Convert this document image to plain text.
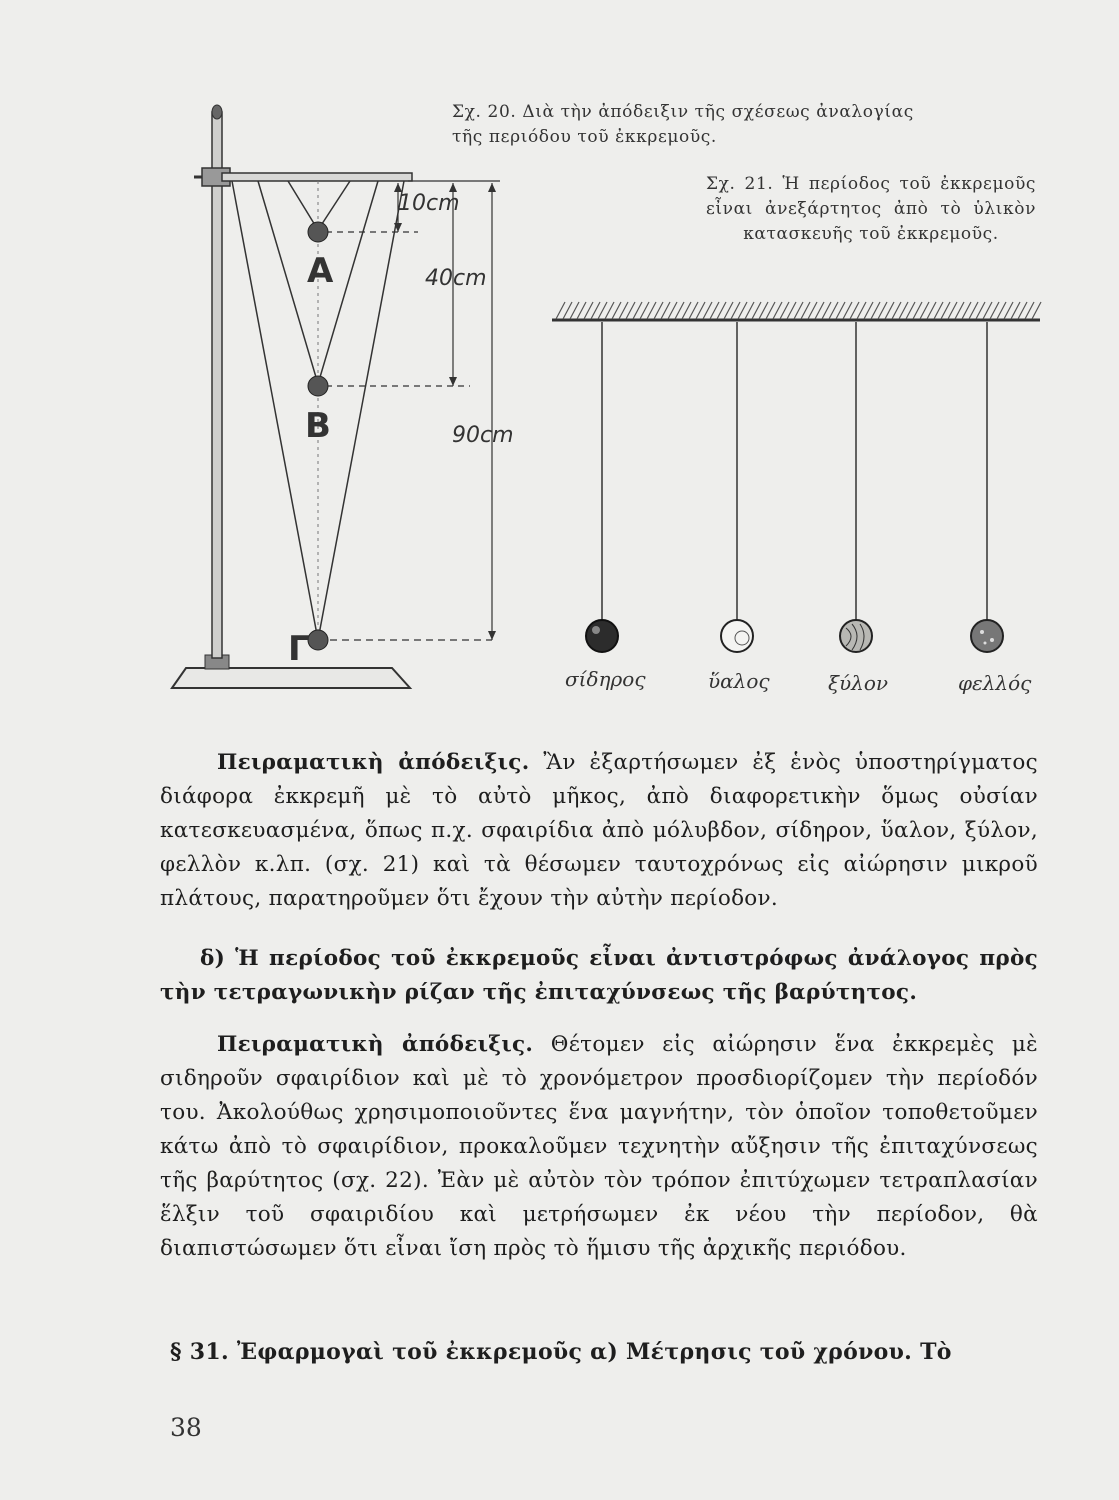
10cm
40cm
90cm
A
B
Γ
σίδηρος	ὕαλος	ξύλον	φελλός
Σχ. 20. Διὰ τὴν ἀπόδειξιν τῆς σχέσεως ἀναλογίας τῆς περιόδου τοῦ ἐκκρεμοῦς.
Σχ. 21. Ἡ περίοδος τοῦ ἐκκρεμοῦς εἶναι ἀνεξάρτητος ἀπὸ τὸ ὑλικὸν κατασκευῆς τοῦ ἐκκρεμοῦς.
Πειραματικὴ ἀπόδειξις. Ἂν ἐξαρτήσωμεν ἐξ ἑνὸς ὑποστηρίγματος διάφορα ἐκκρεμῆ μὲ τὸ αὐτὸ μῆκος, ἀπὸ διαφορετικὴν ὅμως οὐσίαν κατεσκευασμένα, ὅπως π.χ. σφαιρίδια ἀπὸ μόλυβδον, σίδηρον, ὕαλον, ξύλον, φελλὸν κ.λπ. (σχ. 21) καὶ τὰ θέσωμεν ταυτοχρόνως εἰς αἰώρησιν μικροῦ πλάτους, παρατηροῦμεν ὅτι ἔχουν τὴν αὐτὴν περίοδον.
δ) Ἡ περίοδος τοῦ ἐκκρεμοῦς εἶναι ἀντιστρόφως ἀνάλογος πρὸς τὴν τετραγωνικὴν ρίζαν τῆς ἐπιταχύνσεως τῆς βαρύτητος.
Πειραματικὴ ἀπόδειξις. Θέτομεν εἰς αἰώρησιν ἕνα ἐκκρεμὲς μὲ σιδηροῦν σφαιρίδιον καὶ μὲ τὸ χρονόμετρον προσδιορίζομεν τὴν περίοδόν του. Ἀκολούθως χρησιμοποιοῦντες ἕνα μαγνήτην, τὸν ὁποῖον τοποθετοῦμεν κάτω ἀπὸ τὸ σφαιρίδιον, προκαλοῦμεν τεχνητὴν αὔξησιν τῆς ἐπιταχύνσεως τῆς βαρύτητος (σχ. 22). Ἐὰν μὲ αὐτὸν τὸν τρόπον ἐπιτύχωμεν τετραπλασίαν ἕλξιν τοῦ σφαιριδίου καὶ μετρήσωμεν ἐκ νέου τὴν περίοδον, θὰ διαπιστώσωμεν ὅτι εἶναι ἴση πρὸς τὸ ἥμισυ τῆς ἀρχικῆς περιόδου.
§ 31. Ἐφαρμογαὶ τοῦ ἐκκρεμοῦς α) Μέτρησις τοῦ χρόνου. Τὸ
38
